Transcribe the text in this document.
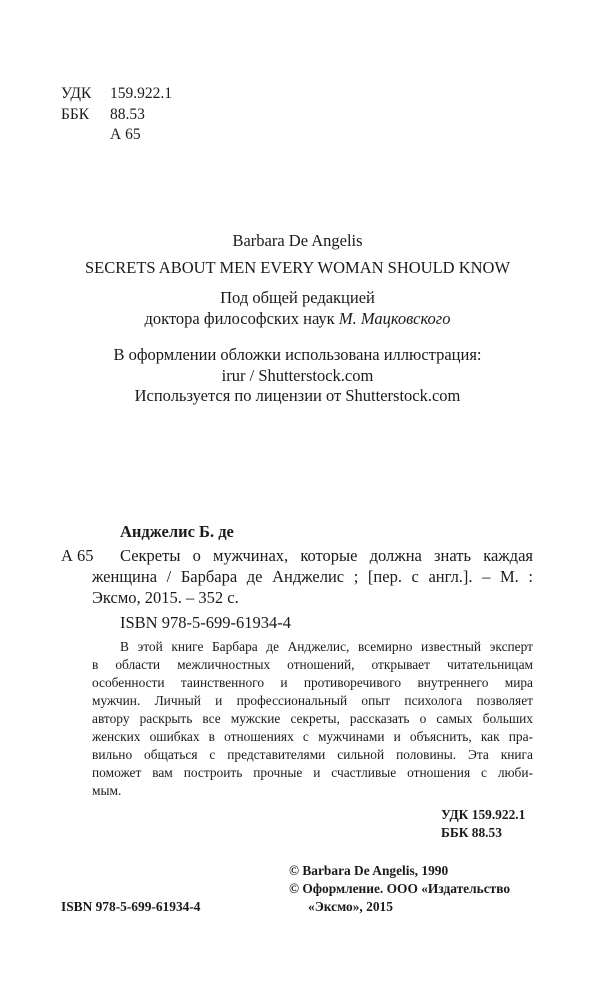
УДК 159.922.1
ББК 88.53
А 65
Barbara De Angelis
SECRETS ABOUT MEN EVERY WOMAN SHOULD KNOW
Под общей редакцией
доктора философских наук М. Мацковского
В оформлении обложки использована иллюстрация:
irur / Shutterstock.com
Используется по лицензии от Shutterstock.com
Анджелис Б. де
А 65 Секреты о мужчинах, которые должна знать каждая
женщина / Барбара де Анджелис ; [пер. с англ.]. – М. :
Эксмо, 2015. – 352 с.
ISBN 978-5-699-61934-4
В этой книге Барбара де Анджелис, всемирно известный эксперт
в области межличностных отношений, открывает читательницам
особенности таинственного и противоречивого внутреннего мира
мужчин. Личный и профессиональный опыт психолога позволяет
автору раскрыть все мужские секреты, рассказать о самых больших
женских ошибках в отношениях с мужчинами и объяснить, как пра-
вильно общаться с представителями сильной половины. Эта книга
поможет вам построить прочные и счастливые отношения с люби-
мым.
УДК 159.922.1
ББК 88.53
© Barbara De Angelis, 1990
© Оформление. ООО «Издательство
«Эксмо», 2015
ISBN 978-5-699-61934-4
